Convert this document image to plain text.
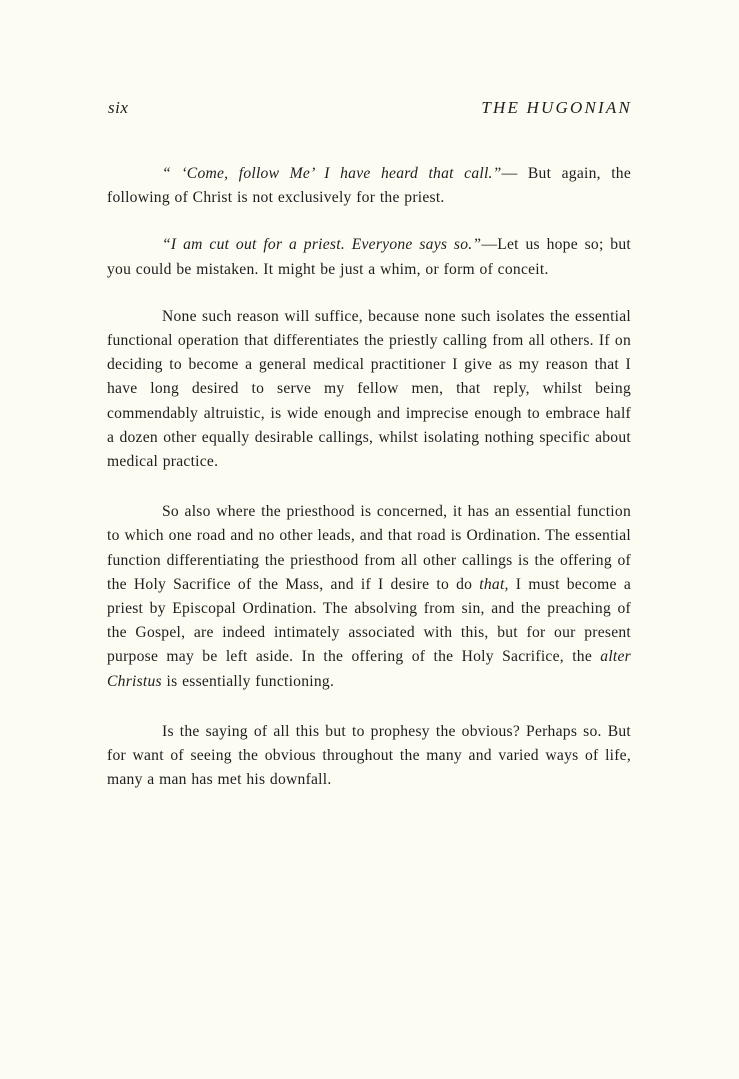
six	THE HUGONIAN

“ ‘Come, follow Me’ I have heard that call.”— But again, the following of Christ is not exclusively for the priest.

“I am cut out for a priest. Everyone says so.”—Let us hope so; but you could be mistaken. It might be just a whim, or form of conceit.

None such reason will suffice, because none such isolates the essential functional operation that differentiates the priestly calling from all others. If on deciding to become a general medical practitioner I give as my reason that I have long desired to serve my fellow men, that reply, whilst being commendably altruistic, is wide enough and imprecise enough to embrace half a dozen other equally desirable callings, whilst isolating nothing specific about medical practice.

So also where the priesthood is concerned, it has an essential function to which one road and no other leads, and that road is Ordination. The essential function differentiating the priesthood from all other callings is the offering of the Holy Sacrifice of the Mass, and if I desire to do that, I must become a priest by Episcopal Ordination. The absolving from sin, and the preaching of the Gospel, are indeed intimately associated with this, but for our present purpose may be left aside. In the offering of the Holy Sacrifice, the alter Christus is essentially functioning.

Is the saying of all this but to prophesy the obvious? Perhaps so. But for want of seeing the obvious throughout the many and varied ways of life, many a man has met his downfall.
